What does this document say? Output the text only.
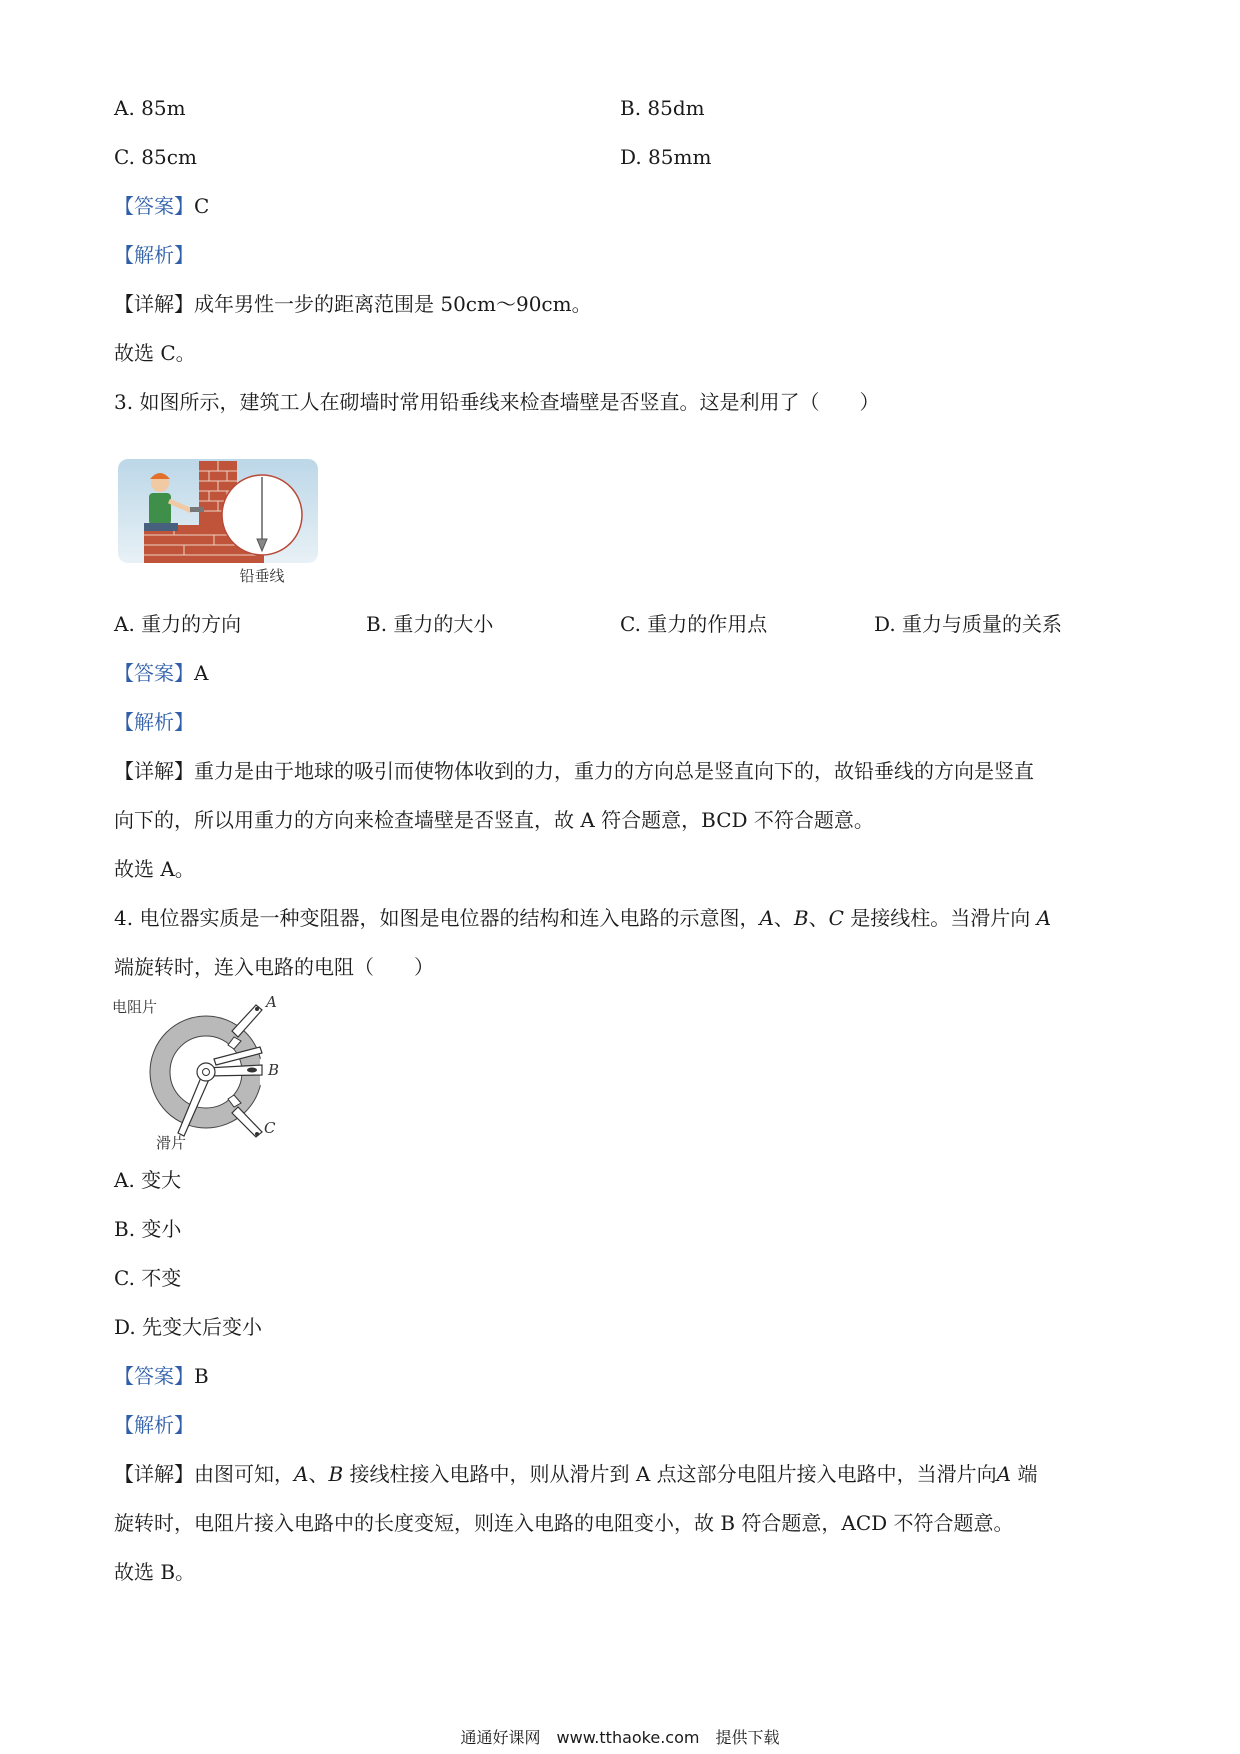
A. 85m	B. 85dm
C. 85cm	D. 85mm
【答案】C
【解析】
【详解】成年男性一步的距离范围是 50cm～90cm。
故选 C。
3. 如图所示，建筑工人在砌墙时常用铅垂线来检查墙壁是否竖直。这是利用了（　　）
铅垂线
A. 重力的方向	B. 重力的大小	C. 重力的作用点	D. 重力与质量的关系
【答案】A
【解析】
【详解】重力是由于地球的吸引而使物体收到的力，重力的方向总是竖直向下的，故铅垂线的方向是竖直
向下的，所以用重力的方向来检查墙壁是否竖直，故 A 符合题意，BCD 不符合题意。
故选 A。
4. 电位器实质是一种变阻器，如图是电位器的结构和连入电路的示意图，A、B、C 是接线柱。当滑片向 A
端旋转时，连入电路的电阻（　　）
电阻片
滑片
A
B
C
A. 变大
B. 变小
C. 不变
D. 先变大后变小
【答案】B
【解析】
【详解】由图可知，A、B 接线柱接入电路中，则从滑片到 A 点这部分电阻片接入电路中，当滑片向A 端
旋转时，电阻片接入电路中的长度变短，则连入电路的电阻变小，故 B 符合题意，ACD 不符合题意。
故选 B。
通通好课网　www.tthaoke.com　提供下载
